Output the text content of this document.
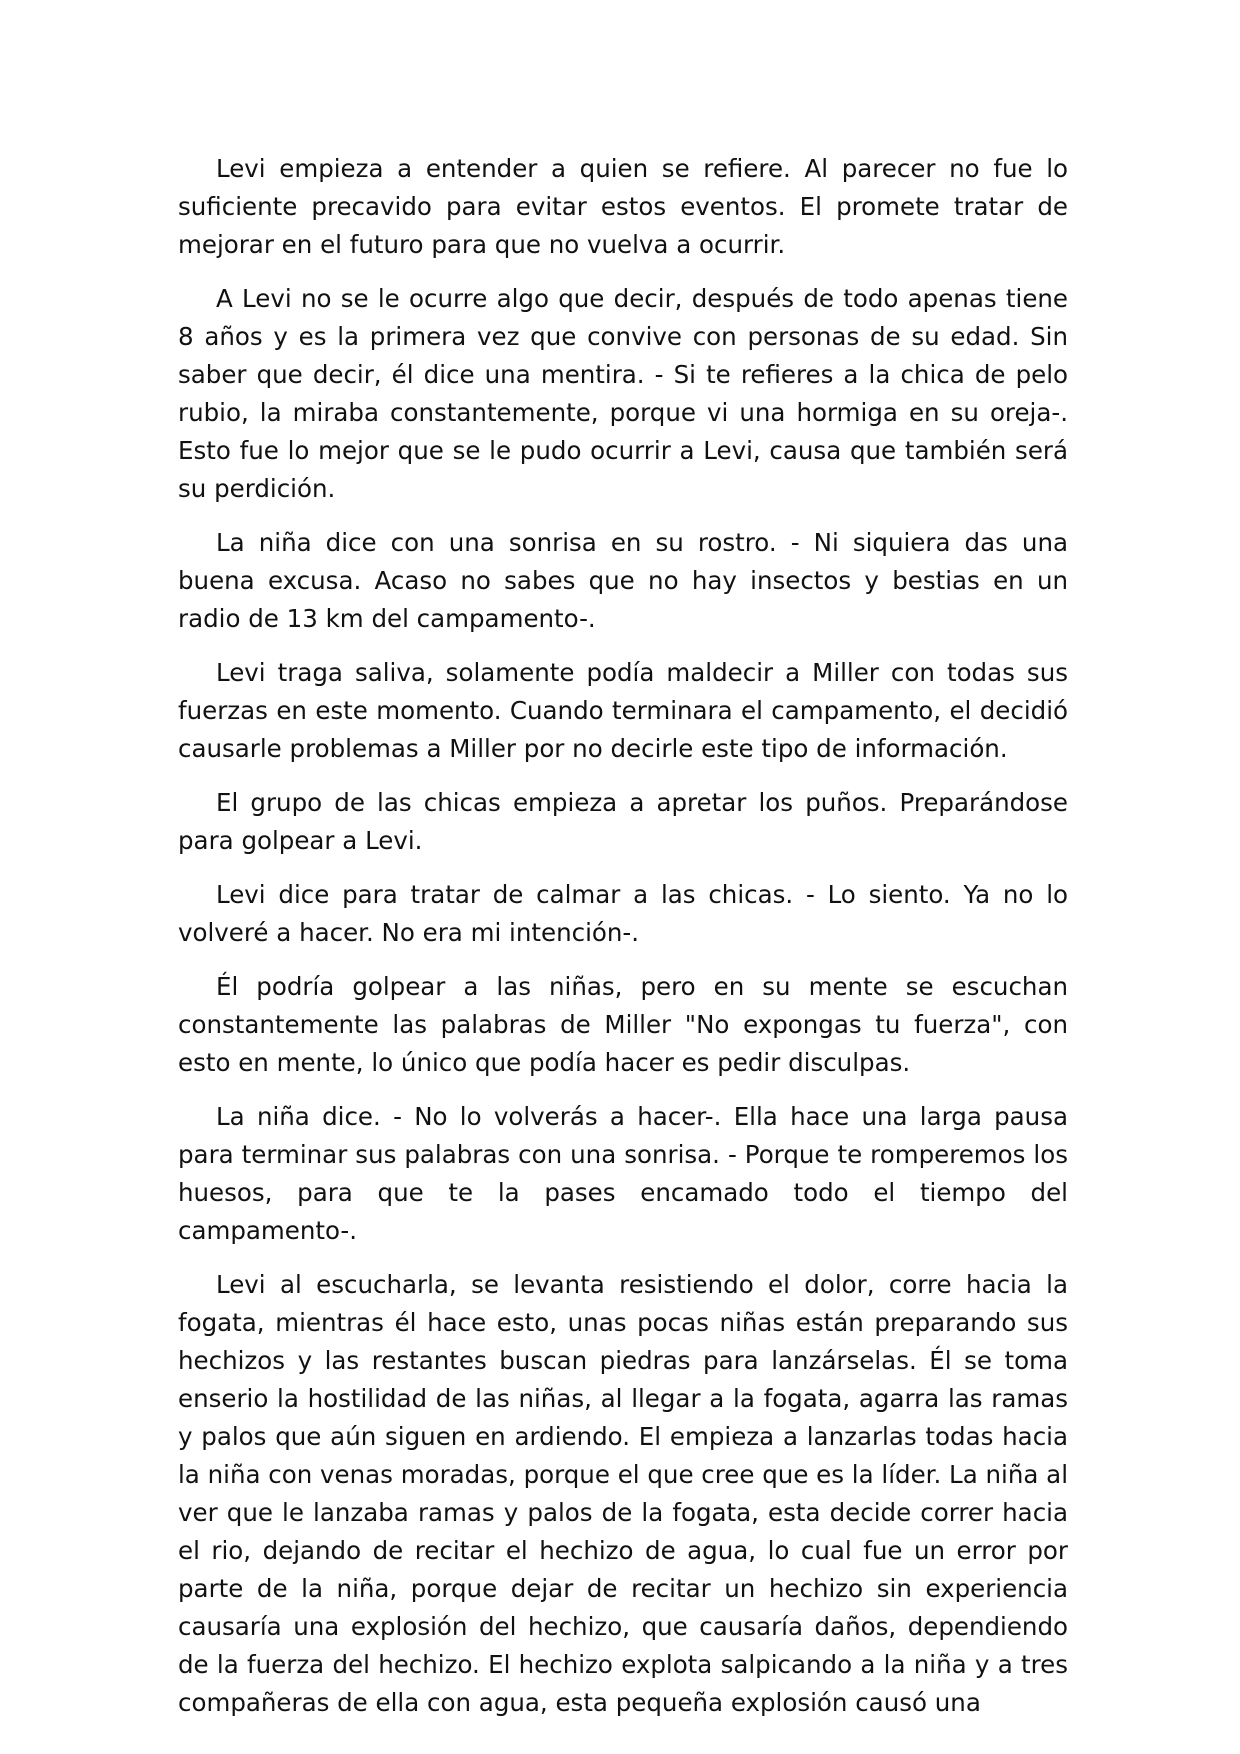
Levi empieza a entender a quien se refiere. Al parecer no fue lo suficiente precavido para evitar estos eventos. El promete tratar de mejorar en el futuro para que no vuelva a ocurrir.

A Levi no se le ocurre algo que decir, después de todo apenas tiene 8 años y es la primera vez que convive con personas de su edad. Sin saber que decir, él dice una mentira. - Si te refieres a la chica de pelo rubio, la miraba constantemente, porque vi una hormiga en su oreja-. Esto fue lo mejor que se le pudo ocurrir a Levi, causa que también será su perdición.

La niña dice con una sonrisa en su rostro. - Ni siquiera das una buena excusa. Acaso no sabes que no hay insectos y bestias en un radio de 13 km del campamento-.

Levi traga saliva, solamente podía maldecir a Miller con todas sus fuerzas en este momento. Cuando terminara el campamento, el decidió causarle problemas a Miller por no decirle este tipo de información.

El grupo de las chicas empieza a apretar los puños. Preparándose para golpear a Levi.

Levi dice para tratar de calmar a las chicas. - Lo siento. Ya no lo volveré a hacer. No era mi intención-.

Él podría golpear a las niñas, pero en su mente se escuchan constantemente las palabras de Miller "No expongas tu fuerza", con esto en mente, lo único que podía hacer es pedir disculpas.

La niña dice. - No lo volverás a hacer-. Ella hace una larga pausa para terminar sus palabras con una sonrisa. - Porque te romperemos los huesos, para que te la pases encamado todo el tiempo del campamento-.

Levi al escucharla, se levanta resistiendo el dolor, corre hacia la fogata, mientras él hace esto, unas pocas niñas están preparando sus hechizos y las restantes buscan piedras para lanzárselas. Él se toma enserio la hostilidad de las niñas, al llegar a la fogata, agarra las ramas y palos que aún siguen en ardiendo. El empieza a lanzarlas todas hacia la niña con venas moradas, porque el que cree que es la líder. La niña al ver que le lanzaba ramas y palos de la fogata, esta decide correr hacia el rio, dejando de recitar el hechizo de agua, lo cual fue un error por parte de la niña, porque dejar de recitar un hechizo sin experiencia causaría una explosión del hechizo, que causaría daños, dependiendo de la fuerza del hechizo. El hechizo explota salpicando a la niña y a tres compañeras de ella con agua, esta pequeña explosión causó una
